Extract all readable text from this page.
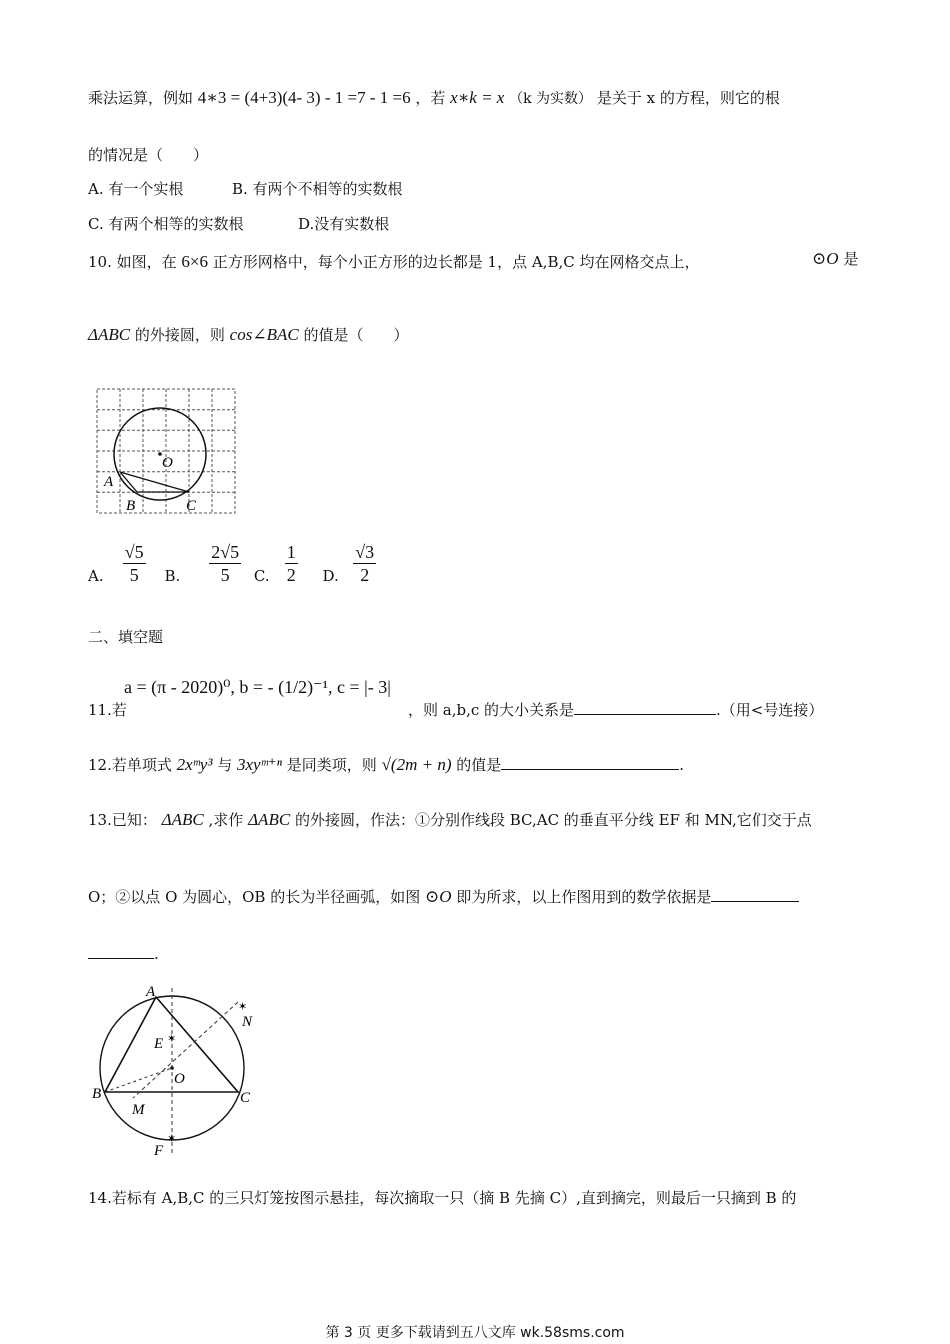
乘法运算，例如 4∗3 = (4+3)(4- 3) - 1 =7 - 1 =6 ，若 x∗k = x （k 为实数） 是关于 x 的方程，则它的根
的情况是（　　）
A. 有一个实根	B. 有两个不相等的实数根
C. 有两个相等的实数根	D.没有实数根
10. 如图，在 6×6 正方形网格中，每个小正方形的边长都是 1，点 A,B,C 均在网格交点上，	⊙O 是
ΔABC 的外接圆，则 cos∠BAC 的值是（　　）
O
A
B	C
A. $\frac{√5}{5} B$. $\frac{2√5}{5} C$. $\frac{1}{2} D$. $\frac{√3}{2}$
二、填空题
11.若
a = (π - 2020)⁰, b = - (1/2)⁻¹, c = |- 3|
，则 a,b,c 的大小关系是	.（用<号连接）
12.若单项式 2xᵐy³ 与 3xyᵐ⁺ⁿ 是同类项，则 √(2m + n) 的值是	.
13.已知： ΔABC ,求作 ΔABC 的外接圆，作法：①分别作线段 BC,AC 的垂直平分线 EF 和 MN,它们交于点
O；②以点 O 为圆心，OB 的长为半径画弧，如图 ⊙O 即为所求，以上作图用到的数学依据是
.
✶
✶
✶
A
B	C
E
O
M
N
F
14.若标有 A,B,C 的三只灯笼按图示悬挂，每次摘取一只（摘 B 先摘 C）,直到摘完，则最后一只摘到 B 的
第 3 页 更多下载请到五八文库 wk.58sms.com
